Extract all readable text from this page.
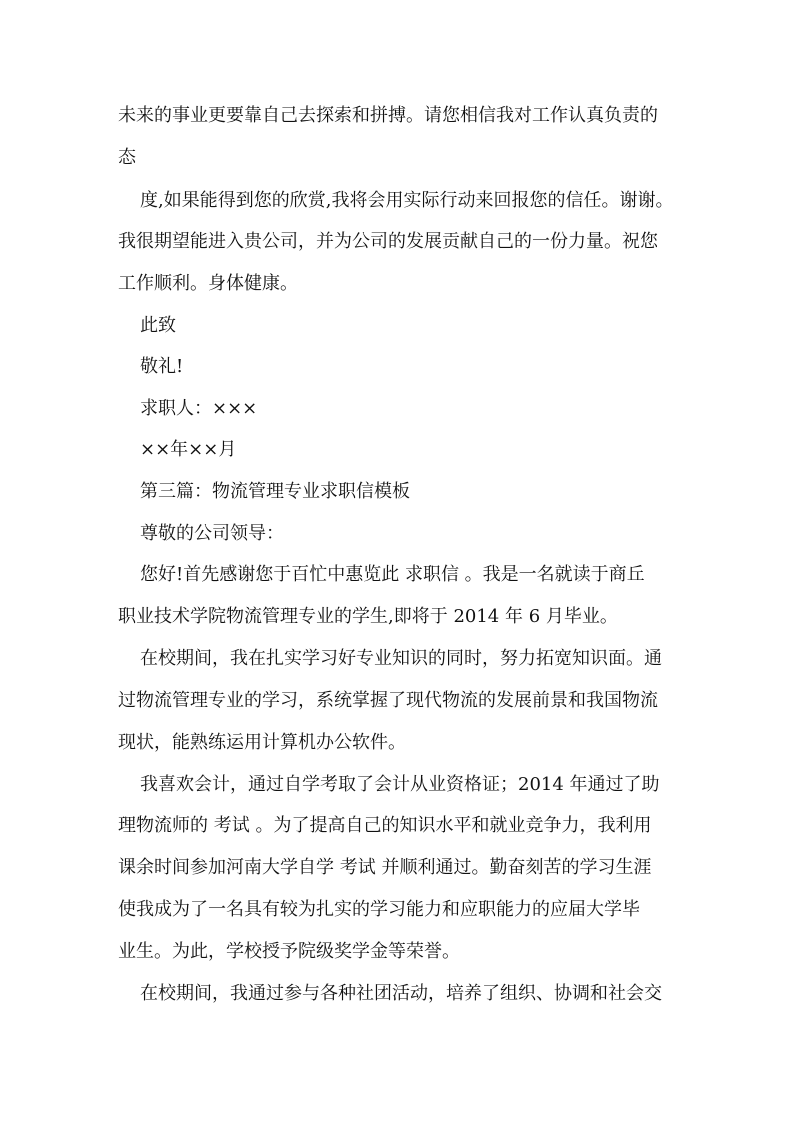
未来的事业更要靠自己去探索和拼搏。请您相信我对工作认真负责的

态

度,如果能得到您的欣赏,我将会用实际行动来回报您的信任。谢谢。

我很期望能进入贵公司，并为公司的发展贡献自己的一份力量。祝您

工作顺利。身体健康。

此致

敬礼!

求职人：×××

××年××月

第三篇：物流管理专业求职信模板

尊敬的公司领导：

您好!首先感谢您于百忙中惠览此 求职信 。我是一名就读于商丘

职业技术学院物流管理专业的学生,即将于 2014 年 6 月毕业。

在校期间，我在扎实学习好专业知识的同时，努力拓宽知识面。通

过物流管理专业的学习，系统掌握了现代物流的发展前景和我国物流

现状，能熟练运用计算机办公软件。

我喜欢会计，通过自学考取了会计从业资格证；2014 年通过了助

理物流师的 考试 。为了提高自己的知识水平和就业竞争力，我利用

课余时间参加河南大学自学 考试 并顺利通过。勤奋刻苦的学习生涯

使我成为了一名具有较为扎实的学习能力和应职能力的应届大学毕

业生。为此，学校授予院级奖学金等荣誉。

在校期间，我通过参与各种社团活动，培养了组织、协调和社会交
